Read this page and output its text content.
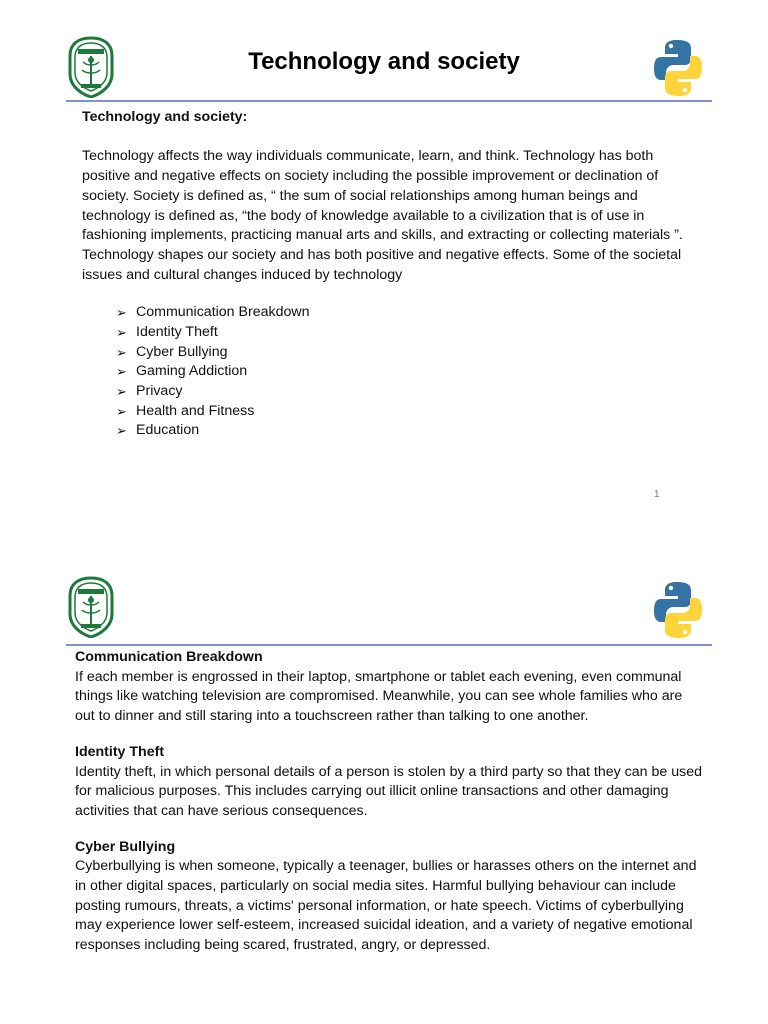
Technology and society

Technology and society:

Technology affects the way individuals communicate, learn, and think. Technology has both positive and negative effects on society including the possible improvement or declination of society. Society is defined as, “ the sum of social relationships among human beings and technology is defined as, “the body of knowledge available to a civilization that is of use in fashioning implements, practicing manual arts and skills, and extracting or collecting materials ”. Technology shapes our society and has both positive and negative effects. Some of the societal issues and cultural changes induced by technology

➢ Communication Breakdown
➢ Identity Theft
➢ Cyber Bullying
➢ Gaming Addiction
➢ Privacy
➢ Health and Fitness
➢ Education
1

Communication Breakdown

If each member is engrossed in their laptop, smartphone or tablet each evening, even communal things like watching television are compromised. Meanwhile, you can see whole families who are out to dinner and still staring into a touchscreen rather than talking to one another.

Identity Theft

Identity theft, in which personal details of a person is stolen by a third party so that they can be used for malicious purposes. This includes carrying out illicit online transactions and other damaging activities that can have serious consequences.

Cyber Bullying

Cyberbullying is when someone, typically a teenager, bullies or harasses others on the internet and in other digital spaces, particularly on social media sites. Harmful bullying behaviour can include posting rumours, threats, a victims' personal information, or hate speech. Victims of cyberbullying may experience lower self-esteem, increased suicidal ideation, and a variety of negative emotional responses including being scared, frustrated, angry, or depressed.
